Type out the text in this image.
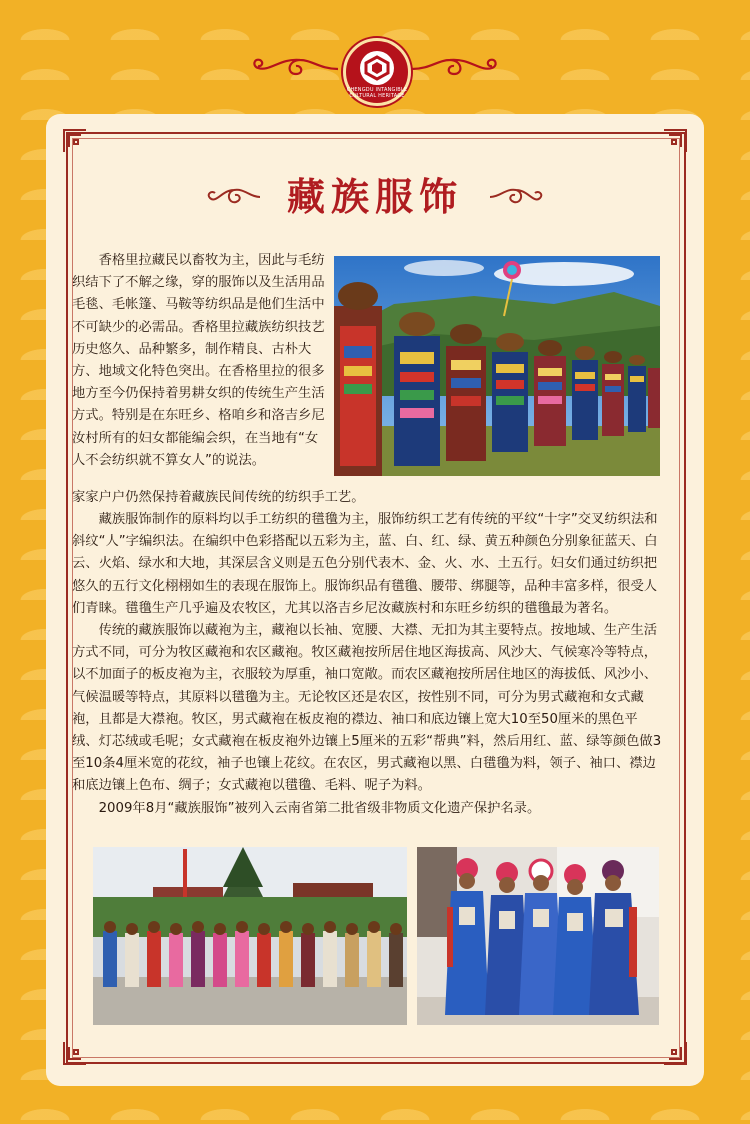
CHENGDU INTANGIBLE CULTURAL HERITAGE
藏族服饰

香格里拉藏民以畜牧为主，因此与毛纺织结下了不解之缘，穿的服饰以及生活用品毛毯、毛帐篷、马鞍等纺织品是他们生活中不可缺少的必需品。香格里拉藏族纺织技艺历史悠久、品种繁多，制作精良、古朴大方、地域文化特色突出。在香格里拉的很多地方至今仍保持着男耕女织的传统生产生活方式。特别是在东旺乡、格咱乡和洛吉乡尼汝村所有的妇女都能编会织，在当地有“女人不会纺织就不算女人”的说法。

家家户户仍然保持着藏族民间传统的纺织手工艺。

藏族服饰制作的原料均以手工纺织的氆氇为主，服饰纺织工艺有传统的平纹“十字”交叉纺织法和斜纹“人”字编织法。在编织中色彩搭配以五彩为主，蓝、白、红、绿、黄五种颜色分别象征蓝天、白云、火焰、绿水和大地，其深层含义则是五色分别代表木、金、火、水、土五行。妇女们通过纺织把悠久的五行文化栩栩如生的表现在服饰上。服饰织品有氆氇、腰带、绑腿等，品种丰富多样，很受人们青睐。氆氇生产几乎遍及农牧区，尤其以洛吉乡尼汝藏族村和东旺乡纺织的氆氇最为著名。

传统的藏族服饰以藏袍为主，藏袍以长袖、宽腰、大襟、无扣为其主要特点。按地域、生产生活方式不同，可分为牧区藏袍和农区藏袍。牧区藏袍按所居住地区海拔高、风沙大、气候寒冷等特点，以不加面子的板皮袍为主，衣服较为厚重，袖口宽敞。而农区藏袍按所居住地区的海拔低、风沙小、气候温暖等特点，其原料以氆氇为主。无论牧区还是农区，按性别不同，可分为男式藏袍和女式藏袍，且都是大襟袍。牧区，男式藏袍在板皮袍的襟边、袖口和底边镶上宽大10至50厘米的黑色平绒、灯芯绒或毛呢；女式藏袍在板皮袍外边镶上5厘米的五彩“帮典”料，然后用红、蓝、绿等颜色做3至10条4厘米宽的花纹，袖子也镶上花纹。在农区，男式藏袍以黑、白氆氇为料，领子、袖口、襟边和底边镶上色布、绸子；女式藏袍以氆氇、毛料、呢子为料。

2009年8月“藏族服饰”被列入云南省第二批省级非物质文化遗产保护名录。
